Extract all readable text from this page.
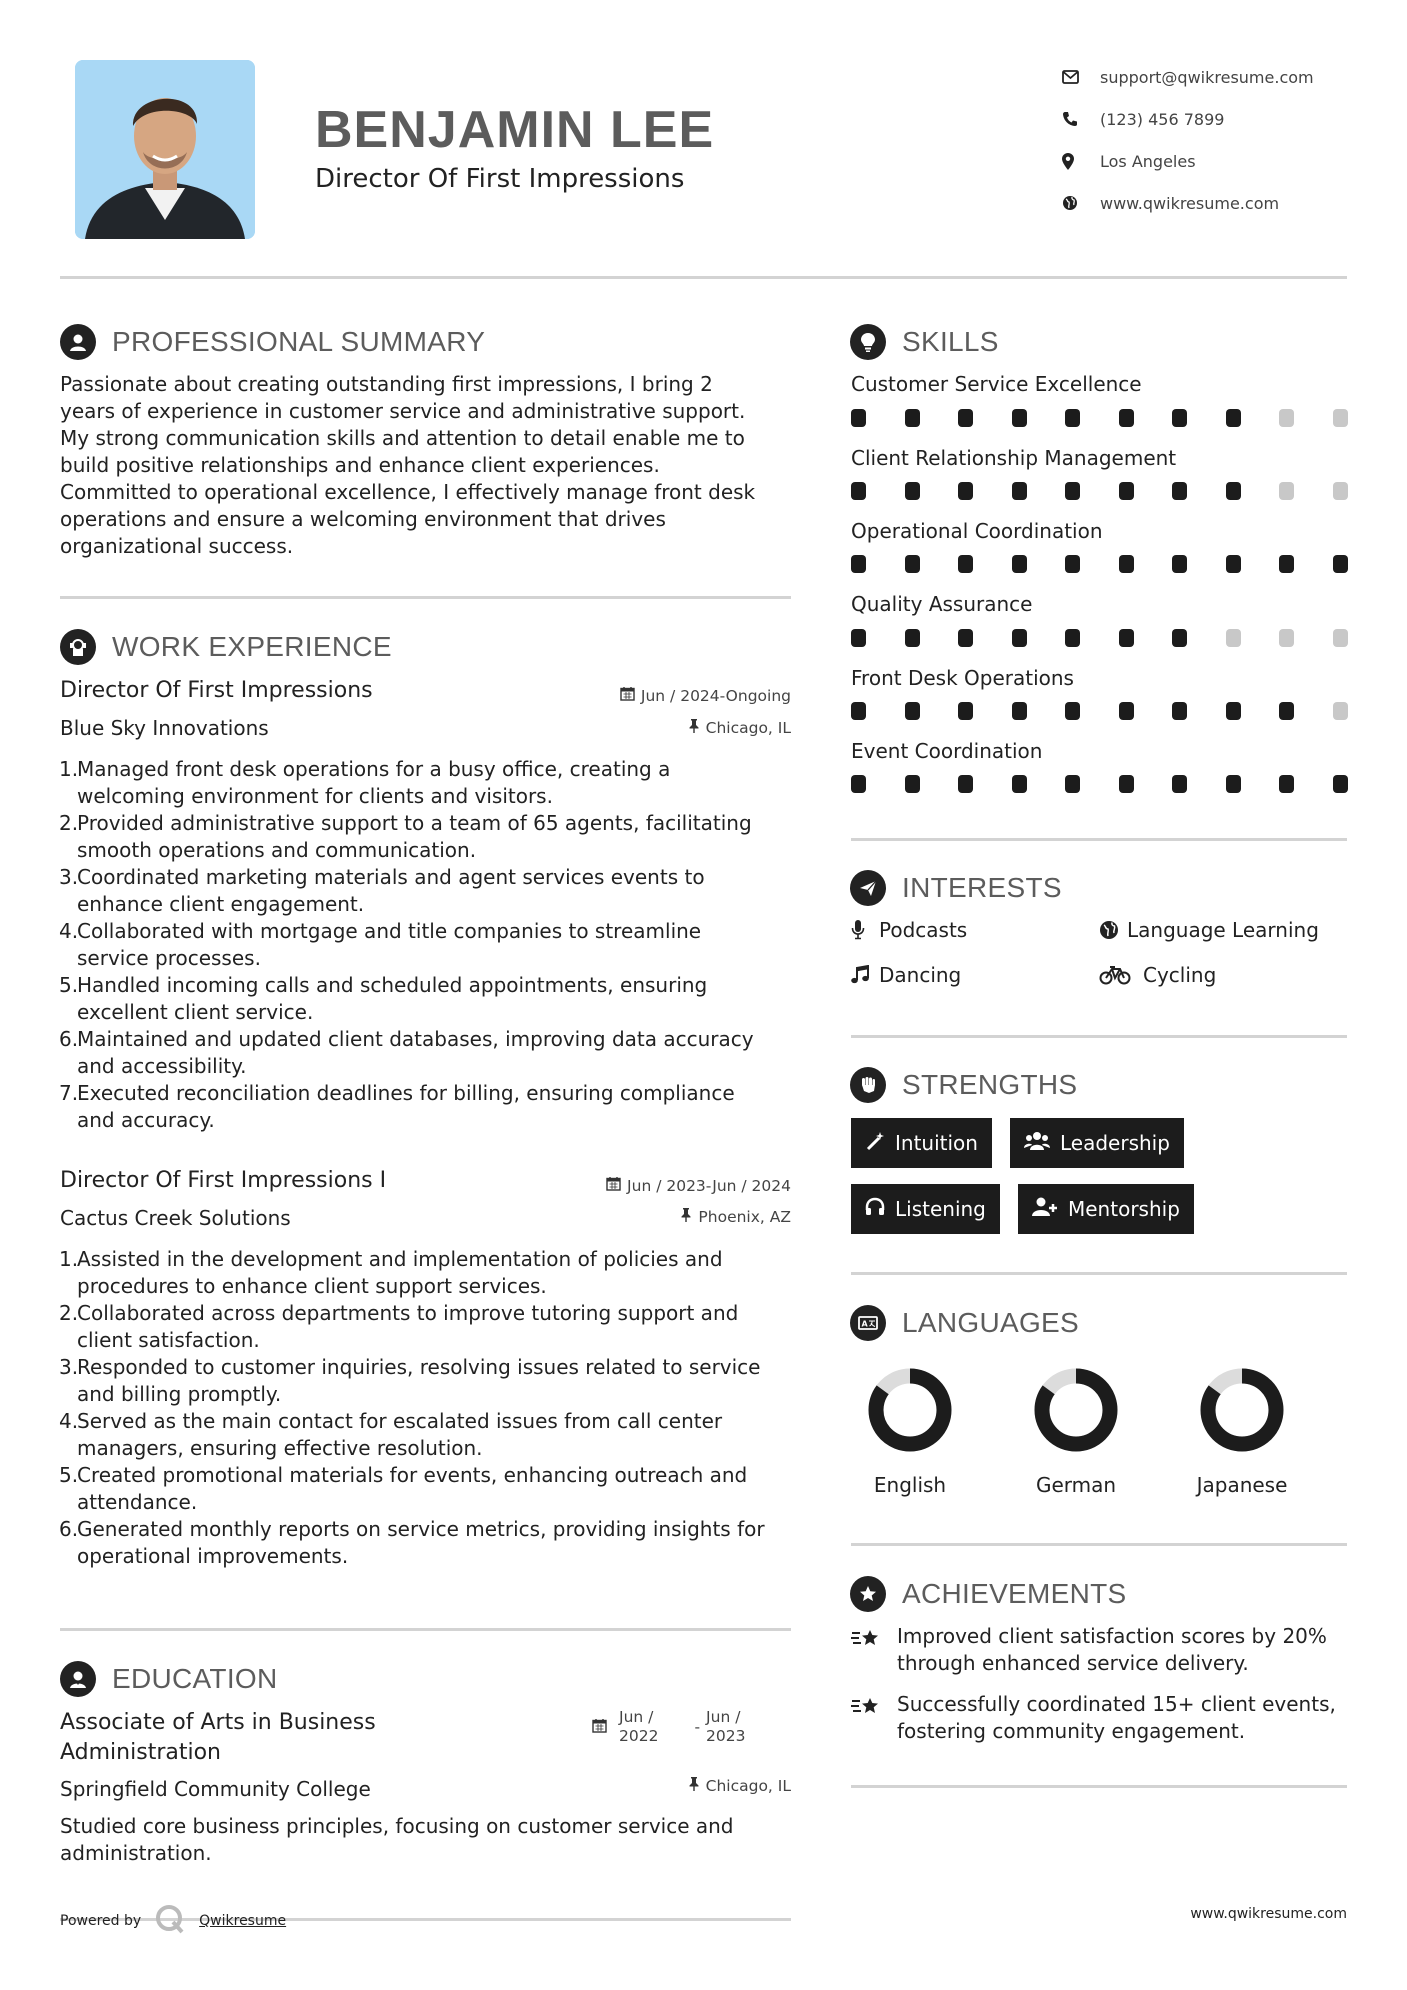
BENJAMIN LEE
Director Of First Impressions
support@qwikresume.com
(123) 456 7899
Los Angeles
www.qwikresume.com
PROFESSIONAL SUMMARY
Passionate about creating outstanding first impressions, I bring 2
years of experience in customer service and administrative support.
My strong communication skills and attention to detail enable me to
build positive relationships and enhance client experiences.
Committed to operational excellence, I effectively manage front desk
operations and ensure a welcoming environment that drives
organizational success.
WORK EXPERIENCE
Director Of First Impressions	Jun / 2024-Ongoing
Blue Sky Innovations	Chicago, IL
1.
Managed front desk operations for a busy office, creating a
welcoming environment for clients and visitors.
2.
Provided administrative support to a team of 65 agents, facilitating
smooth operations and communication.
3.
Coordinated marketing materials and agent services events to
enhance client engagement.
4.
Collaborated with mortgage and title companies to streamline
service processes.
5.
Handled incoming calls and scheduled appointments, ensuring
excellent client service.
6.
Maintained and updated client databases, improving data accuracy
and accessibility.
7.
Executed reconciliation deadlines for billing, ensuring compliance
and accuracy.
Director Of First Impressions I	Jun / 2023-Jun / 2024
Cactus Creek Solutions	Phoenix, AZ
1.
Assisted in the development and implementation of policies and
procedures to enhance client support services.
2.
Collaborated across departments to improve tutoring support and
client satisfaction.
3.
Responded to customer inquiries, resolving issues related to service
and billing promptly.
4.
Served as the main contact for escalated issues from call center
managers, ensuring effective resolution.
5.
Created promotional materials for events, enhancing outreach and
attendance.
6.
Generated monthly reports on service metrics, providing insights for
operational improvements.
EDUCATION
Associate of Arts in Business
Administration
Jun /
2022 -
Jun /
2023
Springfield Community College	Chicago, IL
Studied core business principles, focusing on customer service and
administration.
Powered by	Qwikresume
SKILLS
Customer Service Excellence
Client Relationship Management
Operational Coordination
Quality Assurance
Front Desk Operations
Event Coordination
INTERESTS
Podcasts	Language Learning
Dancing	Cycling
STRENGTHS
Intuition	Leadership
Listening	Mentorship
A LANGUAGES
English	German	Japanese
ACHIEVEMENTS
Improved client satisfaction scores by 20%
through enhanced service delivery.
Successfully coordinated 15+ client events,
fostering community engagement.
www.qwikresume.com
